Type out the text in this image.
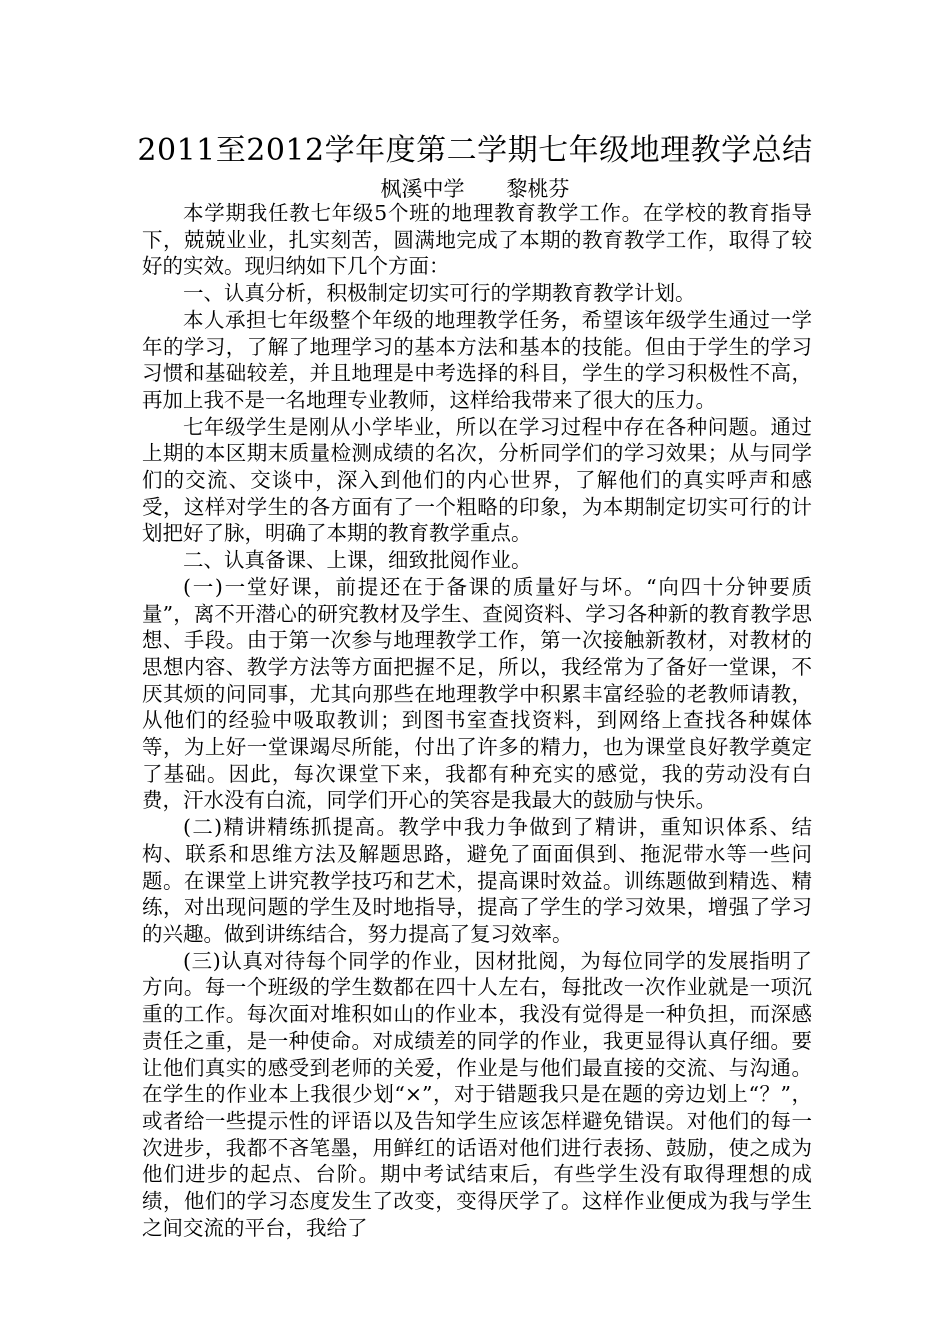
2011至2012学年度第二学期七年级地理教学总结
枫溪中学　　黎桃芬

本学期我任教七年级5个班的地理教育教学工作。在学校的教育指导下，兢兢业业，扎实刻苦，圆满地完成了本期的教育教学工作，取得了较好的实效。现归纳如下几个方面：

一、认真分析，积极制定切实可行的学期教育教学计划。

本人承担七年级整个年级的地理教学任务，希望该年级学生通过一学年的学习，了解了地理学习的基本方法和基本的技能。但由于学生的学习习惯和基础较差，并且地理是中考选择的科目，学生的学习积极性不高，再加上我不是一名地理专业教师，这样给我带来了很大的压力。

七年级学生是刚从小学毕业，所以在学习过程中存在各种问题。通过上期的本区期末质量检测成绩的名次，分析同学们的学习效果；从与同学们的交流、交谈中，深入到他们的内心世界，了解他们的真实呼声和感受，这样对学生的各方面有了一个粗略的印象，为本期制定切实可行的计划把好了脉，明确了本期的教育教学重点。

二、认真备课、上课，细致批阅作业。

(一)一堂好课，前提还在于备课的质量好与坏。“向四十分钟要质量”，离不开潜心的研究教材及学生、查阅资料、学习各种新的教育教学思想、手段。由于第一次参与地理教学工作，第一次接触新教材，对教材的思想内容、教学方法等方面把握不足，所以，我经常为了备好一堂课，不厌其烦的问同事，尤其向那些在地理教学中积累丰富经验的老教师请教，从他们的经验中吸取教训；到图书室查找资料，到网络上查找各种媒体等，为上好一堂课竭尽所能，付出了许多的精力，也为课堂良好教学奠定了基础。因此，每次课堂下来，我都有种充实的感觉，我的劳动没有白费，汗水没有白流，同学们开心的笑容是我最大的鼓励与快乐。

(二)精讲精练抓提高。教学中我力争做到了精讲，重知识体系、结构、联系和思维方法及解题思路，避免了面面俱到、拖泥带水等一些问题。在课堂上讲究教学技巧和艺术，提高课时效益。训练题做到精选、精练，对出现问题的学生及时地指导，提高了学生的学习效果，增强了学习的兴趣。做到讲练结合，努力提高了复习效率。

(三)认真对待每个同学的作业，因材批阅，为每位同学的发展指明了方向。每一个班级的学生数都在四十人左右，每批改一次作业就是一项沉重的工作。每次面对堆积如山的作业本，我没有觉得是一种负担，而深感责任之重，是一种使命。对成绩差的同学的作业，我更显得认真仔细。要让他们真实的感受到老师的关爱，作业是与他们最直接的交流、与沟通。在学生的作业本上我很少划“×”，对于错题我只是在题的旁边划上“？”，或者给一些提示性的评语以及告知学生应该怎样避免错误。对他们的每一次进步，我都不吝笔墨，用鲜红的话语对他们进行表扬、鼓励，使之成为他们进步的起点、台阶。期中考试结束后，有些学生没有取得理想的成绩，他们的学习态度发生了改变，变得厌学了。这样作业便成为我与学生之间交流的平台，我给了
